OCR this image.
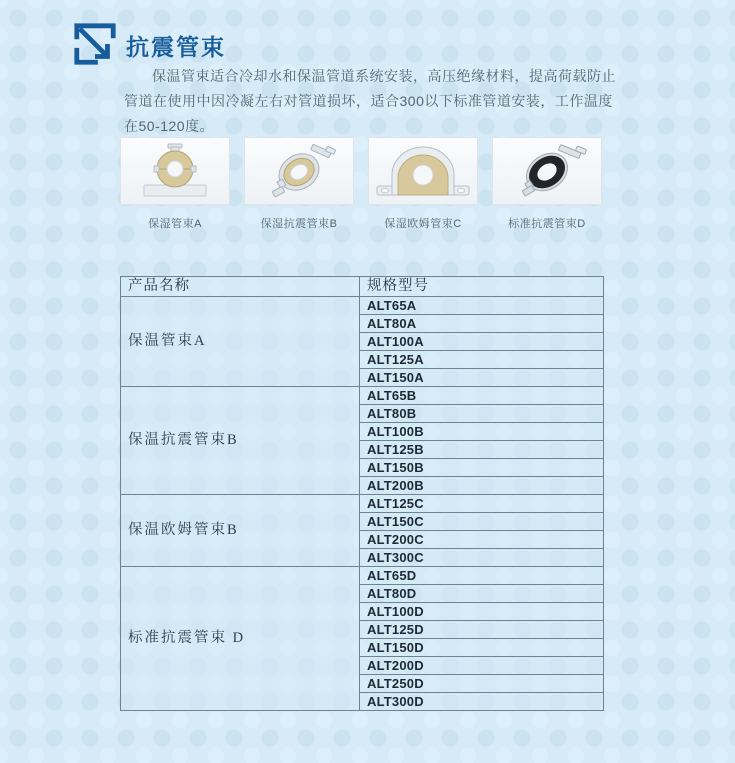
抗震管束

保温管束适合冷却水和保温管道系统安装，高压绝缘材料，提高荷载防止管道在使用中因冷凝左右对管道损坏，适合300以下标准管道安装，工作温度在50-120度。

保湿管束A	保湿抗震管束B	保湿欧姆管束C	标准抗震管束D
产品名称	规格型号
保温管束A	ALT65A
	ALT80A
	ALT100A
	ALT125A
	ALT150A
保温抗震管束B	ALT65B
	ALT80B
	ALT100B
	ALT125B
	ALT150B
	ALT200B
保温欧姆管束B	ALT125C
	ALT150C
	ALT200C
	ALT300C
标准抗震管束 D	ALT65D
	ALT80D
	ALT100D
	ALT125D
	ALT150D
	ALT200D
	ALT250D
	ALT300D
